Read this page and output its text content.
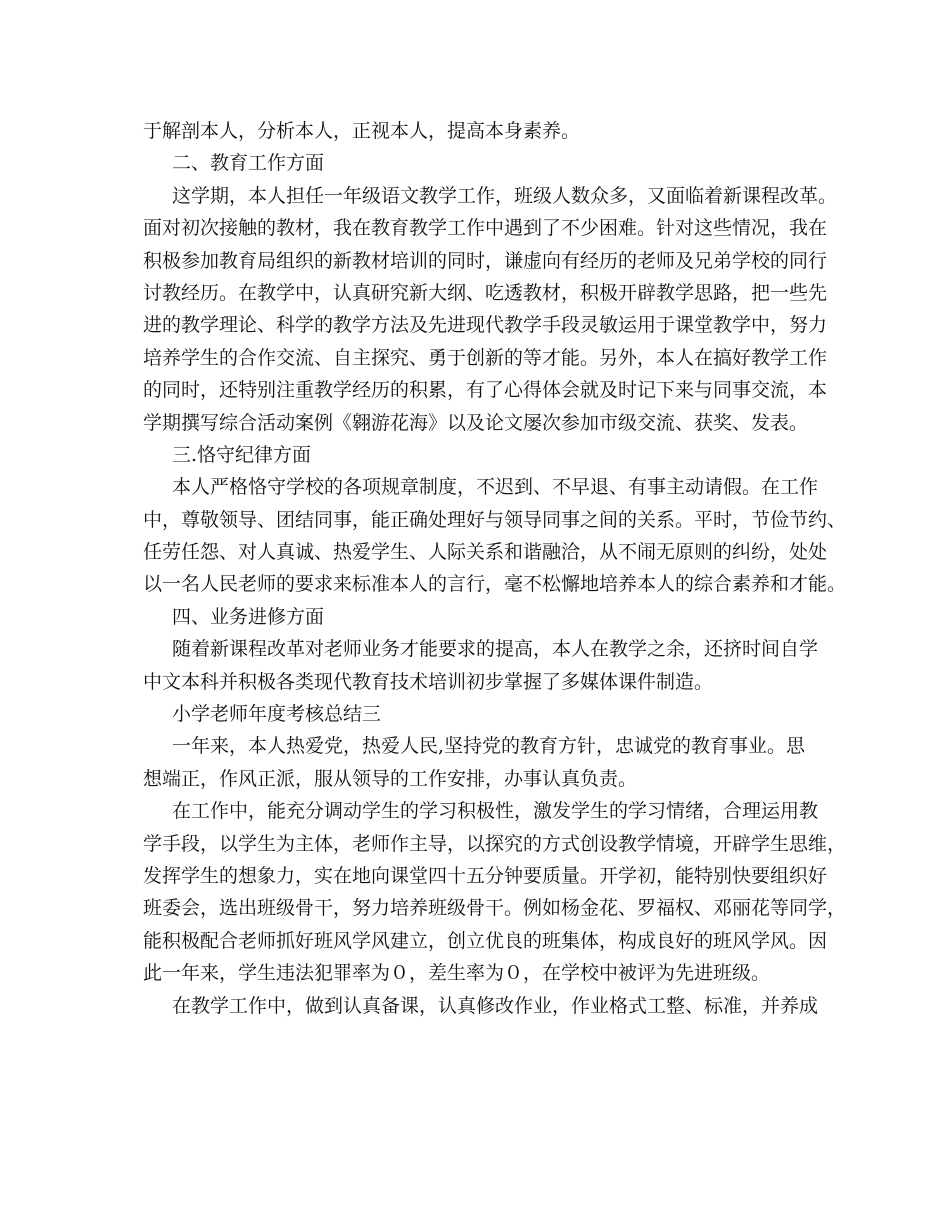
于解剖本人，分析本人，正视本人，提高本身素养。
二、教育工作方面
这学期，本人担任一年级语文教学工作，班级人数众多，又面临着新课程改革。
面对初次接触的教材，我在教育教学工作中遇到了不少困难。针对这些情况，我在
积极参加教育局组织的新教材培训的同时，谦虚向有经历的老师及兄弟学校的同行
讨教经历。在教学中，认真研究新大纲、吃透教材，积极开辟教学思路，把一些先
进的教学理论、科学的教学方法及先进现代教学手段灵敏运用于课堂教学中，努力
培养学生的合作交流、自主探究、勇于创新的等才能。另外，本人在搞好教学工作
的同时，还特别注重教学经历的积累，有了心得体会就及时记下来与同事交流，本
学期撰写综合活动案例《翱游花海》以及论文屡次参加市级交流、获奖、发表。
三.恪守纪律方面
本人严格恪守学校的各项规章制度，不迟到、不早退、有事主动请假。在工作
中，尊敬领导、团结同事，能正确处理好与领导同事之间的关系。平时，节俭节约、
任劳任怨、对人真诚、热爱学生、人际关系和谐融洽，从不闹无原则的纠纷，处处
以一名人民老师的要求来标准本人的言行，毫不松懈地培养本人的综合素养和才能。
四、业务进修方面
随着新课程改革对老师业务才能要求的提高，本人在教学之余，还挤时间自学
中文本科并积极各类现代教育技术培训初步掌握了多媒体课件制造。
小学老师年度考核总结三
一年来，本人热爱党，热爱人民,坚持党的教育方针，忠诚党的教育事业。思
想端正，作风正派，服从领导的工作安排，办事认真负责。
在工作中，能充分调动学生的学习积极性，激发学生的学习情绪，合理运用教
学手段，以学生为主体，老师作主导，以探究的方式创设教学情境，开辟学生思维，
发挥学生的想象力，实在地向课堂四十五分钟要质量。开学初，能特别快要组织好
班委会，选出班级骨干，努力培养班级骨干。例如杨金花、罗福权、邓丽花等同学，
能积极配合老师抓好班风学风建立，创立优良的班集体，构成良好的班风学风。因
此一年来，学生违法犯罪率为０，差生率为０，在学校中被评为先进班级。
在教学工作中，做到认真备课，认真修改作业，作业格式工整、标准，并养成
